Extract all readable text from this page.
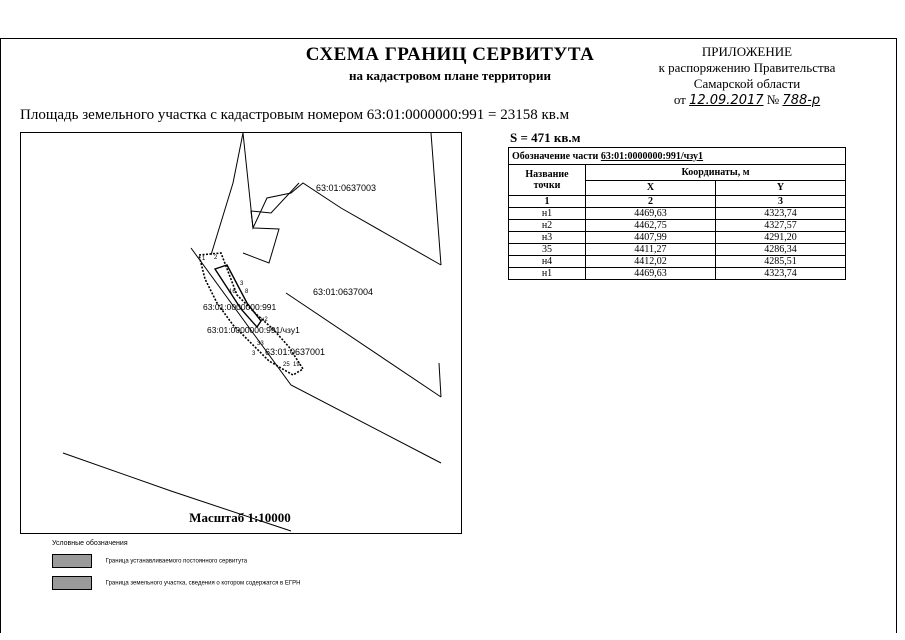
СХЕМА ГРАНИЦ СЕРВИТУТА
на кадастровом плане территории
ПРИЛОЖЕНИЕ
к распоряжению Правительства
Самарской области
от 12.09.2017 № 788-р
Площадь земельного участка с кадастровым номером 63:01:0000000:991 = 23158 кв.м
63:01:0637003
63:01:0637004
63:01:0637001
63:01:0000000:991
63:01:0000000:991/чзу1
1 2
3
8
16
н2
33
3
25 19
Масштаб 1:10000
S = 471 кв.м
Обозначение части 63:01:0000000:991/чзу1		
Название точки	Координаты, м	
	X	Y
1	2	3
н1	4469,63	4323,74
н2	4462,75	4327,57
н3	4407,99	4291,20
35	4411,27	4286,34
н4	4412,02	4285,51
н1	4469,63	4323,74
Условные обозначения
Граница устанавливаемого постоянного сервитута
Граница земельного участка, сведения о котором содержатся в ЕГРН
